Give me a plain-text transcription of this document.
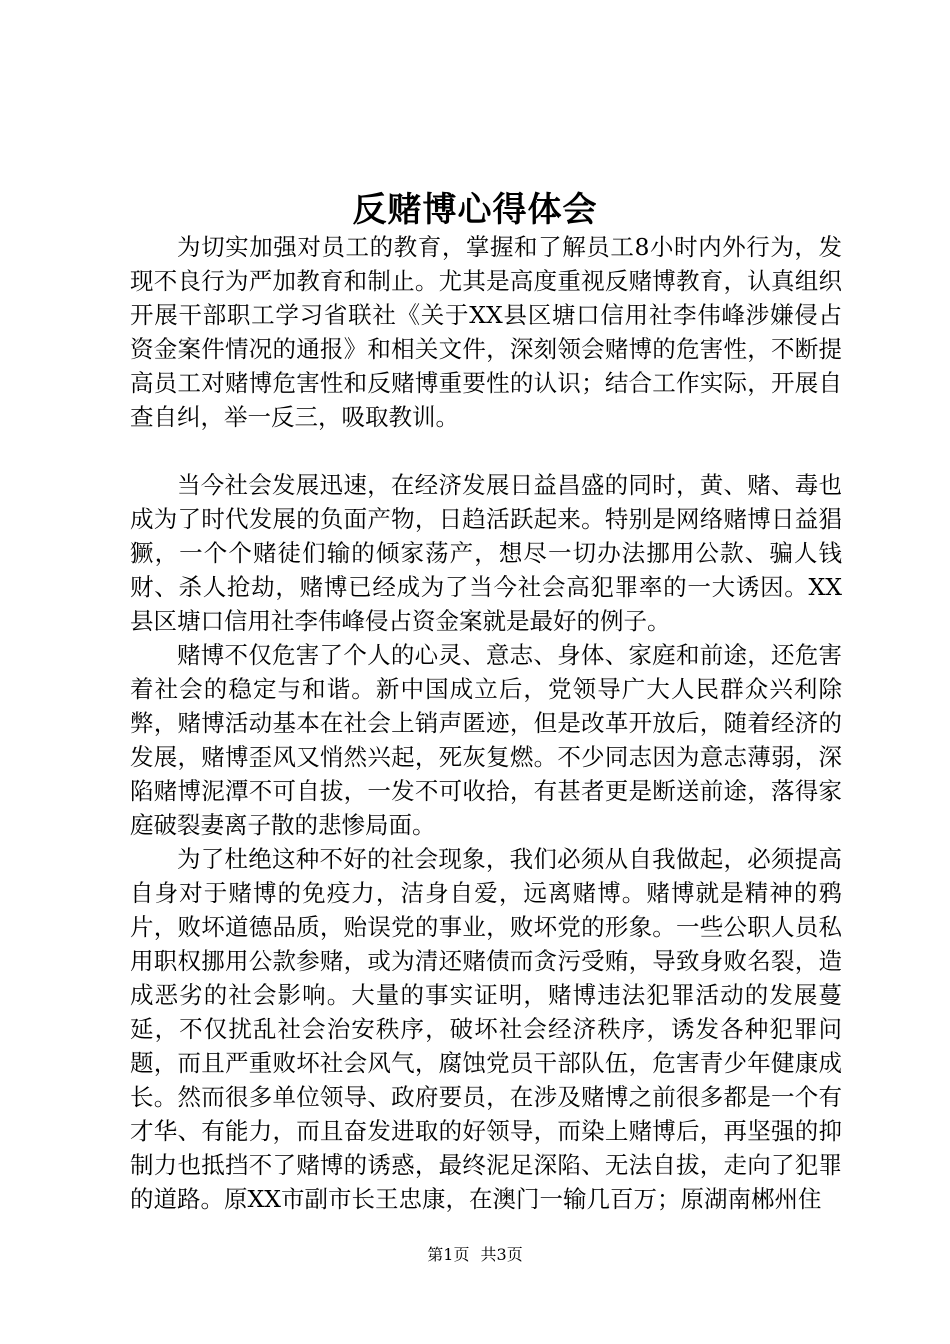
反赌博心得体会

为切实加强对员工的教育，掌握和了解员工8小时内外行为，发现不良行为严加教育和制止。尤其是高度重视反赌博教育，认真组织开展干部职工学习省联社《关于XX县区塘口信用社李伟峰涉嫌侵占资金案件情况的通报》和相关文件，深刻领会赌博的危害性，不断提高员工对赌博危害性和反赌博重要性的认识；结合工作实际，开展自查自纠，举一反三，吸取教训。

当今社会发展迅速，在经济发展日益昌盛的同时，黄、赌、毒也成为了时代发展的负面产物，日趋活跃起来。特别是网络赌博日益猖獗，一个个赌徒们输的倾家荡产，想尽一切办法挪用公款、骗人钱财、杀人抢劫，赌博已经成为了当今社会高犯罪率的一大诱因。XX县区塘口信用社李伟峰侵占资金案就是最好的例子。

赌博不仅危害了个人的心灵、意志、身体、家庭和前途，还危害着社会的稳定与和谐。新中国成立后，党领导广大人民群众兴利除弊，赌博活动基本在社会上销声匿迹，但是改革开放后，随着经济的发展，赌博歪风又悄然兴起，死灰复燃。不少同志因为意志薄弱，深陷赌博泥潭不可自拔，一发不可收拾，有甚者更是断送前途，落得家庭破裂妻离子散的悲惨局面。

为了杜绝这种不好的社会现象，我们必须从自我做起，必须提高自身对于赌博的免疫力，洁身自爱，远离赌博。赌博就是精神的鸦片，败坏道德品质，贻误党的事业，败坏党的形象。一些公职人员私用职权挪用公款参赌，或为清还赌债而贪污受贿，导致身败名裂，造成恶劣的社会影响。大量的事实证明，赌博违法犯罪活动的发展蔓延，不仅扰乱社会治安秩序，破坏社会经济秩序，诱发各种犯罪问题，而且严重败坏社会风气，腐蚀党员干部队伍，危害青少年健康成长。然而很多单位领导、政府要员，在涉及赌博之前很多都是一个有才华、有能力，而且奋发进取的好领导，而染上赌博后，再坚强的抑制力也抵挡不了赌博的诱惑，最终泥足深陷、无法自拔，走向了犯罪的道路。原XX市副市长王忠康，在澳门一输几百万；原湖南郴州住

第1页 共3页
